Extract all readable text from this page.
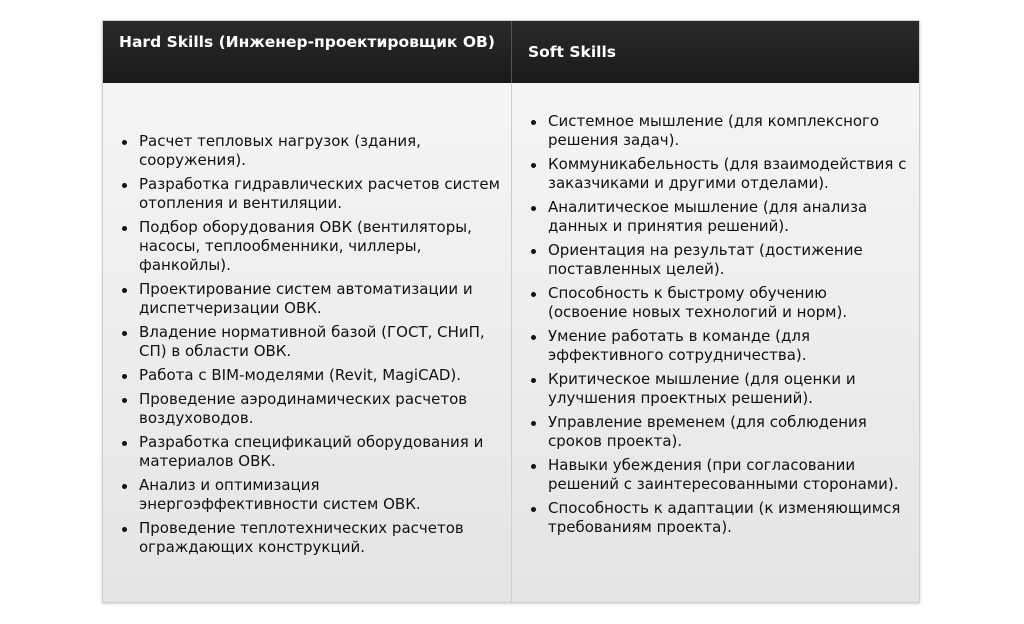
Hard Skills (Инженер-проектировщик ОВ)
Soft Skills
Расчет тепловых нагрузок (здания, сооружения).
Разработка гидравлических расчетов систем отопления и вентиляции.
Подбор оборудования ОВК (вентиляторы, насосы, теплообменники, чиллеры, фанкойлы).
Проектирование систем автоматизации и диспетчеризации ОВК.
Владение нормативной базой (ГОСТ, СНиП, СП) в области ОВК.
Работа с BIM-моделями (Revit, MagiCAD).
Проведение аэродинамических расчетов воздуховодов.
Разработка спецификаций оборудования и материалов ОВК.
Анализ и оптимизация энергоэффективности систем ОВК.
Проведение теплотехнических расчетов ограждающих конструкций.
Системное мышление (для комплексного решения задач).
Коммуникабельность (для взаимодействия с заказчиками и другими отделами).
Аналитическое мышление (для анализа данных и принятия решений).
Ориентация на результат (достижение поставленных целей).
Способность к быстрому обучению (освоение новых технологий и норм).
Умение работать в команде (для эффективного сотрудничества).
Критическое мышление (для оценки и улучшения проектных решений).
Управление временем (для соблюдения сроков проекта).
Навыки убеждения (при согласовании решений с заинтересованными сторонами).
Способность к адаптации (к изменяющимся требованиям проекта).
